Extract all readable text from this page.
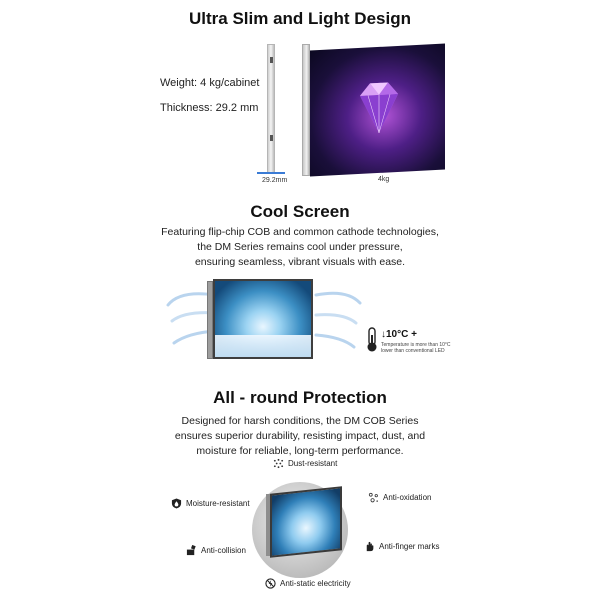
Ultra Slim and Light Design
Weight: 4 kg/cabinet
Thickness: 29.2 mm
29.2mm	4kg
Cool Screen
Featuring flip-chip COB and common cathode technologies,
the DM Series remains cool under pressure,
ensuring seamless, vibrant visuals with ease.
↓10°C +
Temperature is more than 10°C
lower than conventional LED
All - round Protection
Designed for harsh conditions, the DM COB Series
ensures superior durability, resisting impact, dust, and
moisture for reliable, long-term performance.
Dust-resistant
Moisture-resistant
Anti-oxidation
Anti-collision	Anti-finger marks
Anti-static electricity
